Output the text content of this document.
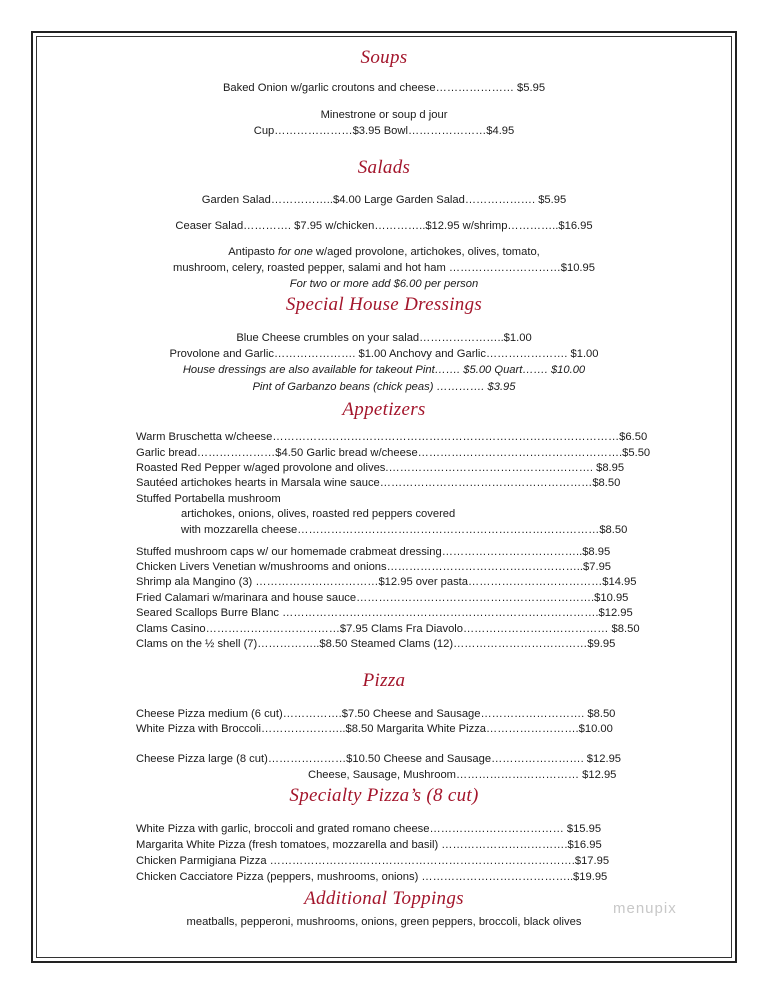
Soups
Baked Onion w/garlic croutons and cheese………………… $5.95
Minestrone or soup d jour
Cup…………………$3.95 Bowl…………………$4.95
Salads
Garden Salad……………..$4.00 Large Garden Salad………………. $5.95
Ceaser Salad…………. $7.95 w/chicken…………..$12.95 w/shrimp…………..$16.95
Antipasto for one w/aged provolone, artichokes, olives, tomato,
mushroom, celery, roasted pepper, salami and hot ham …………………………$10.95
For two or more add $6.00 per person
Special House Dressings
Blue Cheese crumbles on your salad…………………..$1.00
Provolone and Garlic…………………. $1.00 Anchovy and Garlic…………………. $1.00
House dressings are also available for takeout Pint……. $5.00 Quart……. $10.00
Pint of Garbanzo beans (chick peas) …………. $3.95
Appetizers
Warm Bruschetta w/cheese…………………………………………………………………………………$6.50
Garlic bread…………………$4.50 Garlic bread w/cheese……………………………………………….$5.50
Roasted Red Pepper w/aged provolone and olives.………………………………………………. $8.95
Sautéed artichokes hearts in Marsala wine sauce…………………………………………………$8.50
Stuffed Portabella mushroom
artichokes, onions, olives, roasted red peppers covered
with mozzarella cheese………………………………………………………………………$8.50
Stuffed mushroom caps w/ our homemade crabmeat dressing………………………………..$8.95
Chicken Livers Venetian w/mushrooms and onions……………………………………………..$7.95
Shrimp ala Mangino (3) ……………………………$12.95 over pasta………………………………$14.95
Fried Calamari w/marinara and house sauce……………………………………………………….$10.95
Seared Scallops Burre Blanc ………………………………………………………………………….$12.95
Clams Casino………………………………$7.95 Clams Fra Diavolo………………………………… $8.50
Clams on the ½ shell (7)……………..$8.50 Steamed Clams (12)………………………………$9.95
Pizza
Cheese Pizza medium (6 cut)…………….$7.50 Cheese and Sausage………………………. $8.50
White Pizza with Broccoli…………………..$8.50 Margarita White Pizza…………………….$10.00
Cheese Pizza large (8 cut)…………………$10.50 Cheese and Sausage……………………. $12.95
Cheese, Sausage, Mushroom…………………………… $12.95
Specialty Pizza’s (8 cut)
White Pizza with garlic, broccoli and grated romano cheese……………………………… $15.95
Margarita White Pizza (fresh tomatoes, mozzarella and basil) …………………………….$16.95
Chicken Parmigiana Pizza ……………………………………………………………………….$17.95
Chicken Cacciatore Pizza (peppers, mushrooms, onions) …………………………………..$19.95
Additional Toppings
meatballs, pepperoni, mushrooms, onions, green peppers, broccoli, black olives
menupix
